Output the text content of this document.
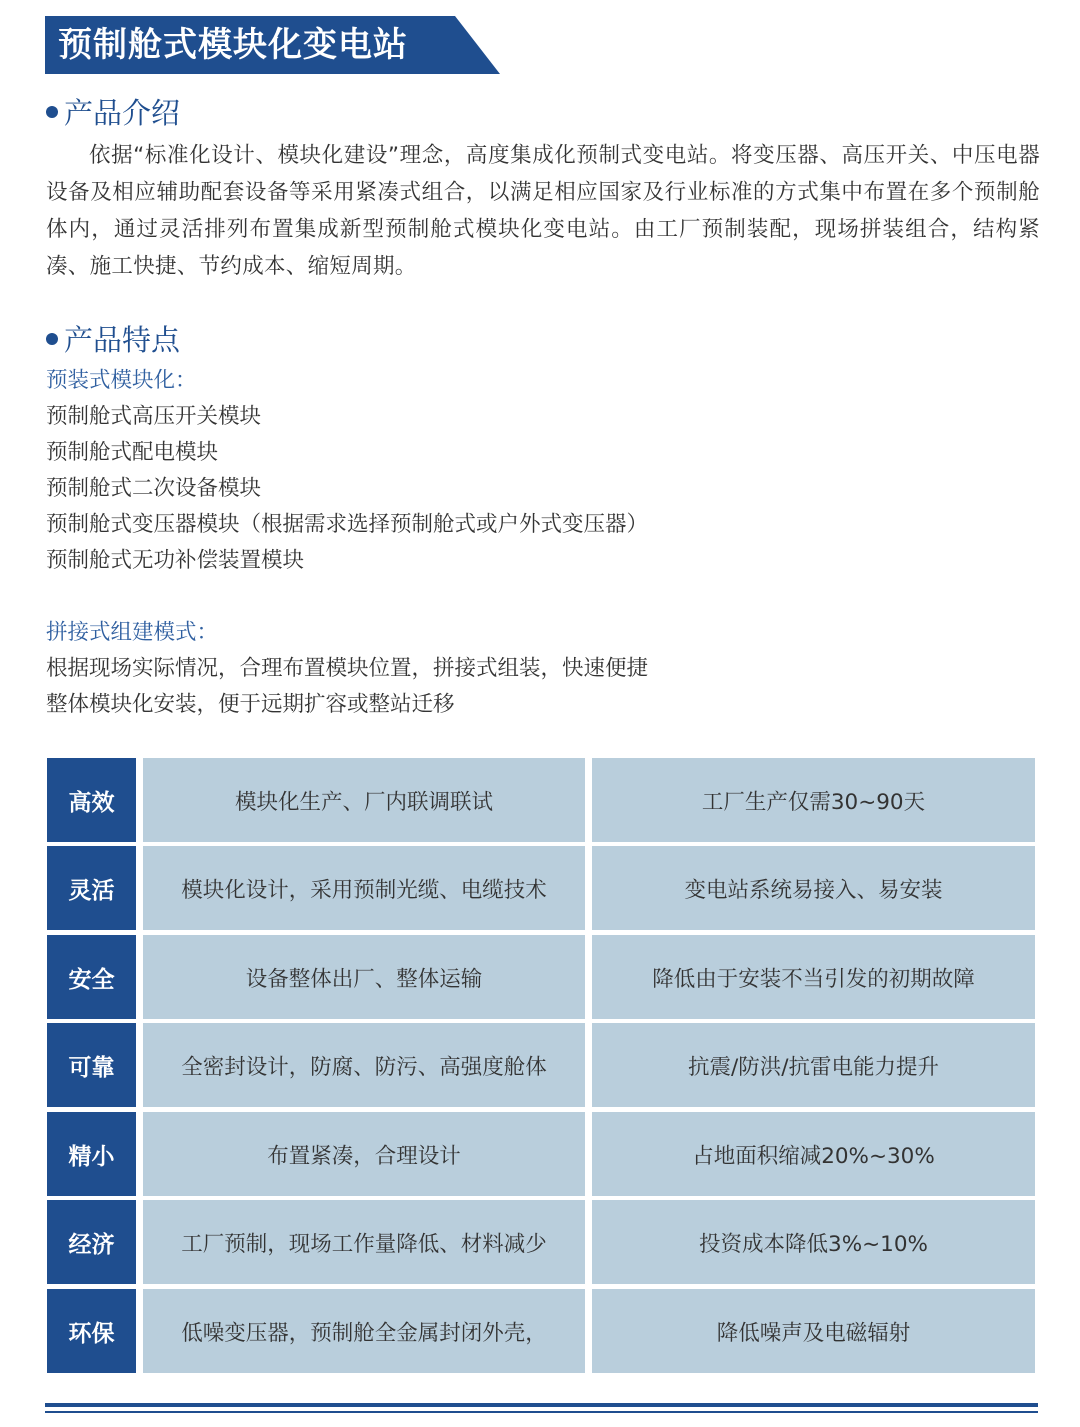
预制舱式模块化变电站
产品介绍
依据“标准化设计、模块化建设”理念，高度集成化预制式变电站。将变压器、高压开关、中压电器设备及相应辅助配套设备等采用紧凑式组合，以满足相应国家及行业标准的方式集中布置在多个预制舱体内，通过灵活排列布置集成新型预制舱式模块化变电站。由工厂预制装配，现场拼装组合，结构紧凑、施工快捷、节约成本、缩短周期。
产品特点
预装式模块化：
预制舱式高压开关模块
预制舱式配电模块
预制舱式二次设备模块
预制舱式变压器模块（根据需求选择预制舱式或户外式变压器）
预制舱式无功补偿装置模块
拼接式组建模式：
根据现场实际情况，合理布置模块位置，拼接式组装，快速便捷
整体模块化安装，便于远期扩容或整站迁移
高效	模块化生产、厂内联调联试	工厂生产仅需30~90天
灵活	模块化设计，采用预制光缆、电缆技术	变电站系统易接入、易安装
安全	设备整体出厂、整体运输	降低由于安装不当引发的初期故障
可靠	全密封设计，防腐、防污、高强度舱体	抗震/防洪/抗雷电能力提升
精小	布置紧凑，合理设计	占地面积缩减20%~30%
经济	工厂预制，现场工作量降低、材料减少	投资成本降低3%~10%
环保	低噪变压器，预制舱全金属封闭外壳，	降低噪声及电磁辐射
